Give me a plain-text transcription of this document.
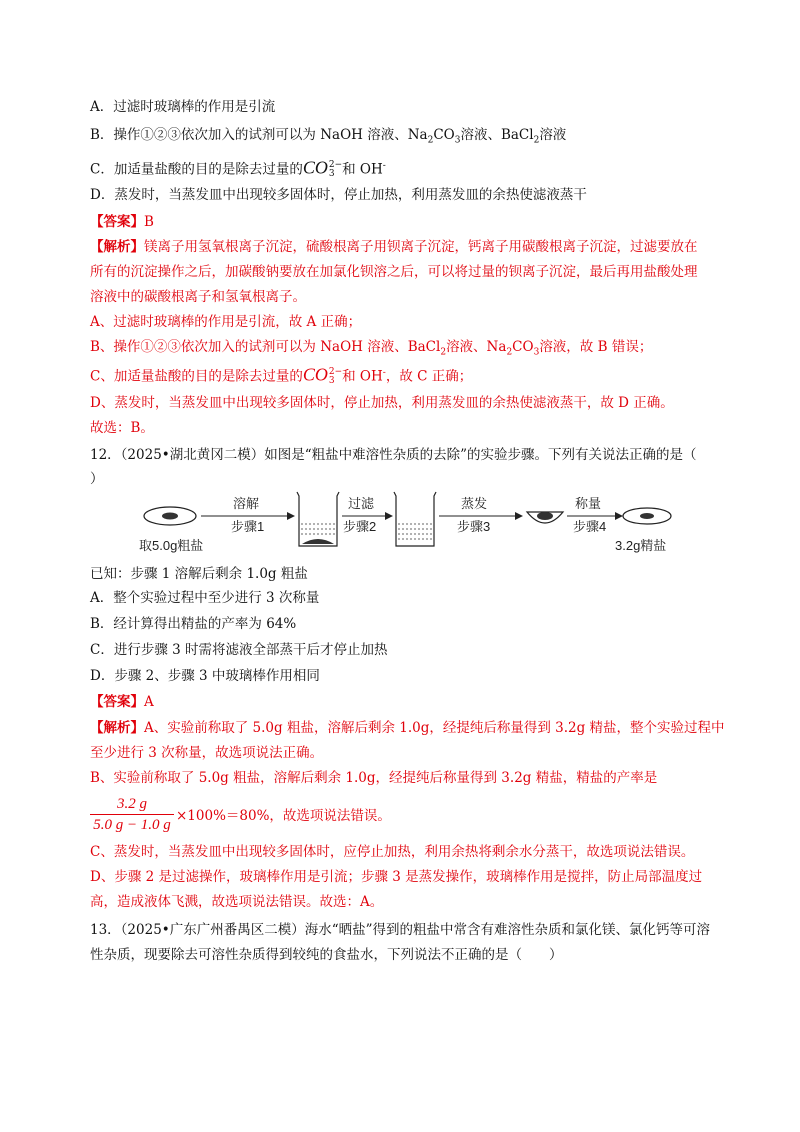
A．过滤时玻璃棒的作用是引流
B．操作①②③依次加入的试剂可以为 NaOH 溶液、$Na_2CO_3$溶液、BaCl$_2$溶液
C．加适量盐酸的目的是除去过量的CO 2−
3 和 OH-
D．蒸发时，当蒸发皿中出现较多固体时，停止加热，利用蒸发皿的余热使滤液蒸干
【答案】B
【解析】镁离子用氢氧根离子沉淀，硫酸根离子用钡离子沉淀，钙离子用碳酸根离子沉淀，过滤要放在
所有的沉淀操作之后，加碳酸钠要放在加氯化钡溶之后，可以将过量的钡离子沉淀，最后再用盐酸处理
溶液中的碳酸根离子和氢氧根离子。
A、过滤时玻璃棒的作用是引流，故 A 正确；
B、操作①②③依次加入的试剂可以为 NaOH 溶液、BaCl$_2$溶液、$Na_2CO_3$溶液，故 B 错误；
C、加适量盐酸的目的是除去过量的CO 2−
3 和 OH-，故 C 正确；
D、蒸发时，当蒸发皿中出现较多固体时，停止加热，利用蒸发皿的余热使滤液蒸干，故 D 正确。
故选：B。
12．（2025•湖北黄冈二模）如图是“粗盐中难溶性杂质的去除”的实验步骤。下列有关说法正确的是（
）
取5.0g粗盐
溶解
步骤1
过滤
步骤2
蒸发
步骤3
称量
步骤4
3.2g精盐
已知：步骤 1 溶解后剩余 1.0g 粗盐
A．整个实验过程中至少进行 3 次称量
B．经计算得出精盐的产率为 64%
C．进行步骤 3 时需将滤液全部蒸干后才停止加热
D．步骤 2、步骤 3 中玻璃棒作用相同
【答案】A
【解析】A、实验前称取了 5.0g 粗盐，溶解后剩余 1.0g，经提纯后称量得到 3.2g 精盐，整个实验过程中
至少进行 3 次称量，故选项说法正确。
B、实验前称取了 5.0g 粗盐，溶解后剩余 1.0g，经提纯后称量得到 3.2g 精盐，精盐的产率是
$\frac{3.2 g}{5.0 g - 1.0 g} \times 100\%=80\%$，故选项说法错误。
C、蒸发时，当蒸发皿中出现较多固体时，应停止加热，利用余热将剩余水分蒸干，故选项说法错误。
D、步骤 2 是过滤操作，玻璃棒作用是引流；步骤 3 是蒸发操作，玻璃棒作用是搅拌，防止局部温度过
高，造成液体飞溅，故选项说法错误。故选：A。
13．（2025•广东广州番禺区二模）海水“晒盐”得到的粗盐中常含有难溶性杂质和氯化镁、氯化钙等可溶
性杂质，现要除去可溶性杂质得到较纯的食盐水，下列说法不正确的是（　　）
